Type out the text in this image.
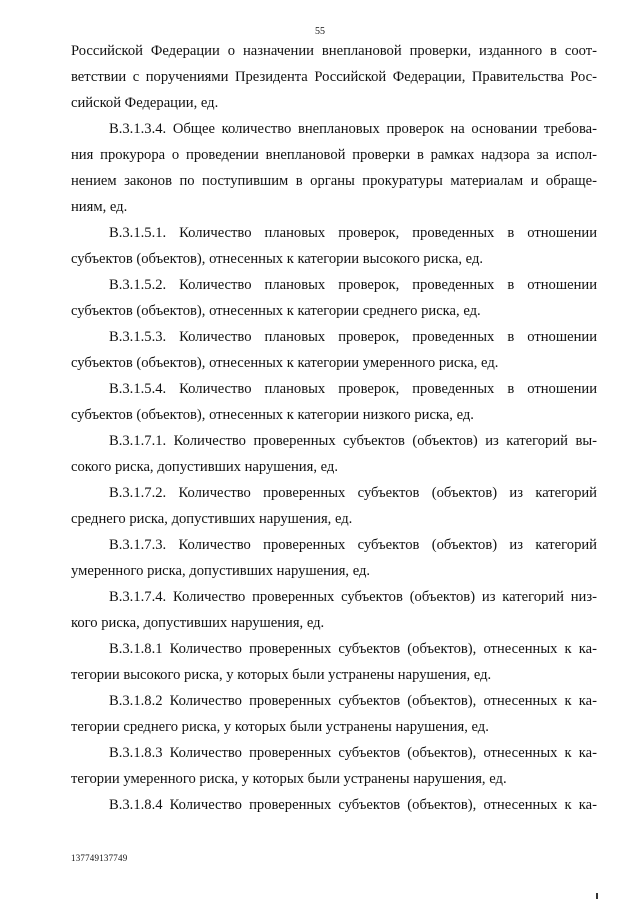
55
Российской Федерации о назначении внеплановой проверки, изданного в соот-
ветствии с поручениями Президента Российской Федерации, Правительства Рос-
сийской Федерации, ед.
В.3.1.3.4. Общее количество внеплановых проверок на основании требова-
ния прокурора о проведении внеплановой проверки в рамках надзора за испол-
нением законов по поступившим в органы прокуратуры материалам и обраще-
ниям, ед.
В.3.1.5.1. Количество плановых проверок, проведенных в отношении
субъектов (объектов), отнесенных к категории высокого риска, ед.
В.3.1.5.2. Количество плановых проверок, проведенных в отношении
субъектов (объектов), отнесенных к категории среднего риска, ед.
В.3.1.5.3. Количество плановых проверок, проведенных в отношении
субъектов (объектов), отнесенных к категории умеренного риска, ед.
В.3.1.5.4. Количество плановых проверок, проведенных в отношении
субъектов (объектов), отнесенных к категории низкого риска, ед.
В.3.1.7.1. Количество проверенных субъектов (объектов) из категорий вы-
сокого риска, допустивших нарушения, ед.
В.3.1.7.2. Количество проверенных субъектов (объектов) из категорий
среднего риска, допустивших нарушения, ед.
В.3.1.7.3. Количество проверенных субъектов (объектов) из категорий
умеренного риска, допустивших нарушения, ед.
В.3.1.7.4. Количество проверенных субъектов (объектов) из категорий низ-
кого риска, допустивших нарушения, ед.
В.3.1.8.1 Количество проверенных субъектов (объектов), отнесенных к ка-
тегории высокого риска, у которых были устранены нарушения, ед.
В.3.1.8.2 Количество проверенных субъектов (объектов), отнесенных к ка-
тегории среднего риска, у которых были устранены нарушения, ед.
В.3.1.8.3 Количество проверенных субъектов (объектов), отнесенных к ка-
тегории умеренного риска, у которых были устранены нарушения, ед.
В.3.1.8.4 Количество проверенных субъектов (объектов), отнесенных к ка-
137749137749
